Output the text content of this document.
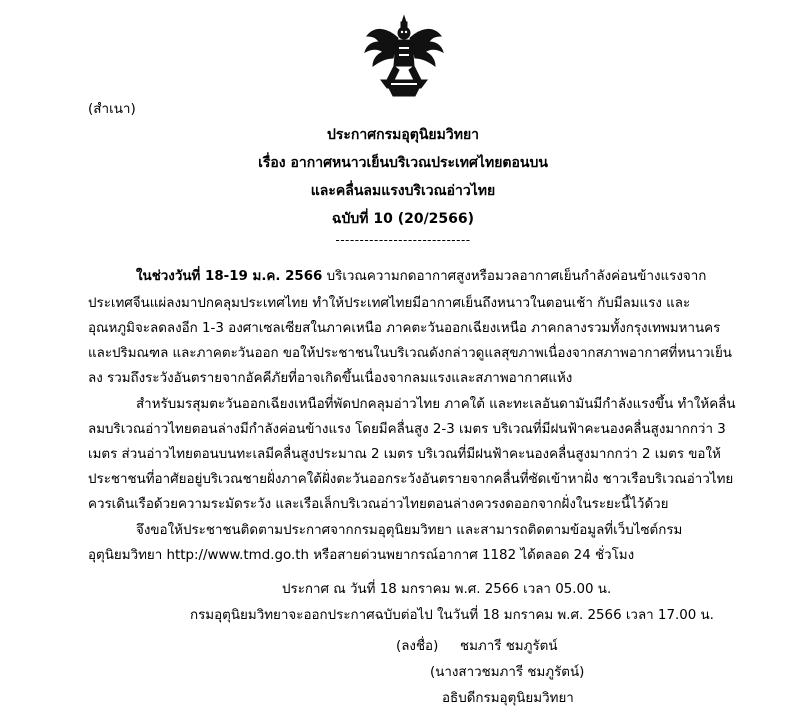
(สำเนา)
ประกาศกรมอุตุนิยมวิทยา
เรื่อง อากาศหนาวเย็นบริเวณประเทศไทยตอนบน
และคลื่นลมแรงบริเวณอ่าวไทย
ฉบับที่ 10 (20/2566)
----------------------------
ในช่วงวันที่ 18-19 ม.ค. 2566 บริเวณความกดอากาศสูงหรือมวลอากาศเย็นกำลังค่อนข้างแรงจาก
ประเทศจีนแผ่ลงมาปกคลุมประเทศไทย ทำให้ประเทศไทยมีอากาศเย็นถึงหนาวในตอนเช้า กับมีลมแรง และ
อุณหภูมิจะลดลงอีก 1-3 องศาเซลเซียสในภาคเหนือ ภาคตะวันออกเฉียงเหนือ ภาคกลางรวมทั้งกรุงเทพมหานคร
และปริมณฑล และภาคตะวันออก ขอให้ประชาชนในบริเวณดังกล่าวดูแลสุขภาพเนื่องจากสภาพอากาศที่หนาวเย็น
ลง รวมถึงระวังอันตรายจากอัคคีภัยที่อาจเกิดขึ้นเนื่องจากลมแรงและสภาพอากาศแห้ง
สำหรับมรสุมตะวันออกเฉียงเหนือที่พัดปกคลุมอ่าวไทย ภาคใต้ และทะเลอันดามันมีกำลังแรงขึ้น ทำให้คลื่น
ลมบริเวณอ่าวไทยตอนล่างมีกำลังค่อนข้างแรง โดยมีคลื่นสูง 2-3 เมตร บริเวณที่มีฝนฟ้าคะนองคลื่นสูงมากกว่า 3
เมตร ส่วนอ่าวไทยตอนบนทะเลมีคลื่นสูงประมาณ 2 เมตร บริเวณที่มีฝนฟ้าคะนองคลื่นสูงมากกว่า 2 เมตร ขอให้
ประชาชนที่อาศัยอยู่บริเวณชายฝั่งภาคใต้ฝั่งตะวันออกระวังอันตรายจากคลื่นที่ซัดเข้าหาฝั่ง ชาวเรือบริเวณอ่าวไทย
ควรเดินเรือด้วยความระมัดระวัง และเรือเล็กบริเวณอ่าวไทยตอนล่างควรงดออกจากฝั่งในระยะนี้ไว้ด้วย
จึงขอให้ประชาชนติดตามประกาศจากกรมอุตุนิยมวิทยา และสามารถติดตามข้อมูลที่เว็บไซต์กรม
อุตุนิยมวิทยา http://www.tmd.go.th หรือสายด่วนพยากรณ์อากาศ 1182 ได้ตลอด 24 ชั่วโมง
ประกาศ ณ วันที่ 18 มกราคม พ.ศ. 2566 เวลา 05.00 น.
กรมอุตุนิยมวิทยาจะออกประกาศฉบับต่อไป ในวันที่ 18 มกราคม พ.ศ. 2566 เวลา 17.00 น.
(ลงชื่อ) ชมภารี ชมภูรัตน์
(นางสาวชมภารี ชมภูรัตน์)
อธิบดีกรมอุตุนิยมวิทยา
